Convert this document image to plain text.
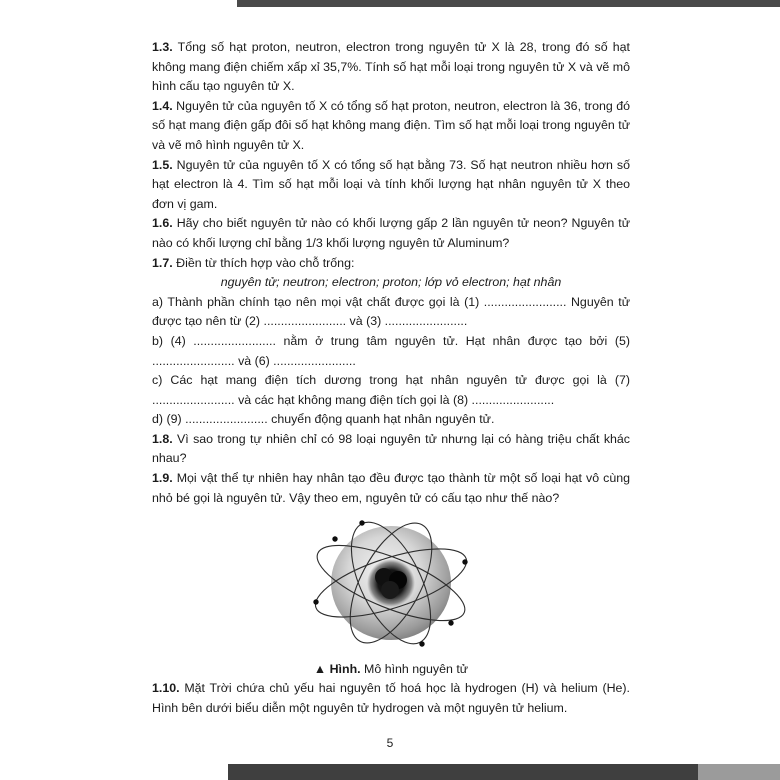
1.3. Tổng số hạt proton, neutron, electron trong nguyên tử X là 28, trong đó số hạt không mang điện chiếm xấp xỉ 35,7%. Tính số hạt mỗi loại trong nguyên tử X và vẽ mô hình cấu tạo nguyên tử X.

1.4. Nguyên tử của nguyên tố X có tổng số hạt proton, neutron, electron là 36, trong đó số hạt mang điện gấp đôi số hạt không mang điện. Tìm số hạt mỗi loại trong nguyên tử và vẽ mô hình nguyên tử X.

1.5. Nguyên tử của nguyên tố X có tổng số hạt bằng 73. Số hạt neutron nhiều hơn số hạt electron là 4. Tìm số hạt mỗi loại và tính khối lượng hạt nhân nguyên tử X theo đơn vị gam.

1.6. Hãy cho biết nguyên tử nào có khối lượng gấp 2 lần nguyên tử neon? Nguyên tử nào có khối lượng chỉ bằng 1/3 khối lượng nguyên tử Aluminum?

1.7. Điền từ thích hợp vào chỗ trống:

nguyên tử; neutron; electron; proton; lớp vỏ electron; hạt nhân

a) Thành phần chính tạo nên mọi vật chất được gọi là (1) ........................ Nguyên tử được tạo nên từ (2) ........................ và (3) ........................

b) (4) ........................ nằm ở trung tâm nguyên tử. Hạt nhân được tạo bởi (5) ........................ và (6) ........................

c) Các hạt mang điện tích dương trong hạt nhân nguyên tử được gọi là (7) ........................ và các hạt không mang điện tích gọi là (8) ........................

d) (9) ........................ chuyển động quanh hạt nhân nguyên tử.

1.8. Vì sao trong tự nhiên chỉ có 98 loại nguyên tử nhưng lại có hàng triệu chất khác nhau?

1.9. Mọi vật thể tự nhiên hay nhân tạo đều được tạo thành từ một số loại hạt vô cùng nhỏ bé gọi là nguyên tử. Vậy theo em, nguyên tử có cấu tạo như thế nào?

▲ Hình. Mô hình nguyên tử

1.10. Mặt Trời chứa chủ yếu hai nguyên tố hoá học là hydrogen (H) và helium (He). Hình bên dưới biểu diễn một nguyên tử hydrogen và một nguyên tử helium.

5
